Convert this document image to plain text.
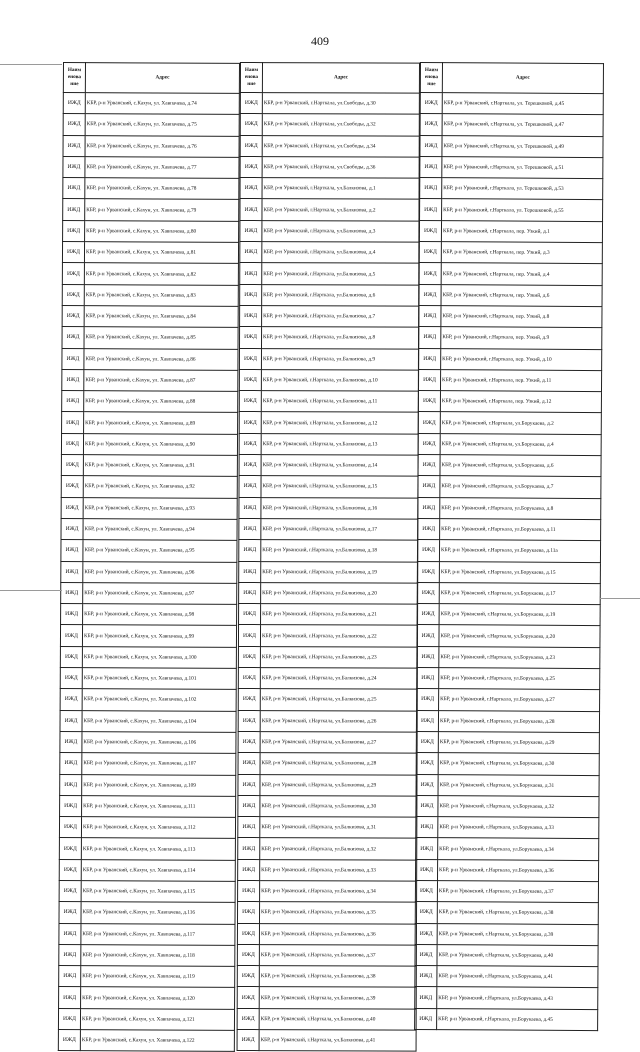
409
Наим
енова
ние	Адрес
ИЖД	КБР, р-н Урванский, с.Кахун, ул. Хавпачева, д.74
ИЖД	КБР, р-н Урванский, с.Кахун, ул. Хавпачева, д.75
ИЖД	КБР, р-н Урванский, с.Кахун, ул. Хавпачева, д.76
ИЖД	КБР, р-н Урванский, с.Кахун, ул. Хавпачева, д.77
ИЖД	КБР, р-н Урванский, с.Кахун, ул. Хавпачева, д.78
ИЖД	КБР, р-н Урванский, с.Кахун, ул. Хавпачева, д.79
ИЖД	КБР, р-н Урванский, с.Кахун, ул. Хавпачева, д.80
ИЖД	КБР, р-н Урванский, с.Кахун, ул. Хавпачева, д.81
ИЖД	КБР, р-н Урванский, с.Кахун, ул. Хавпачева, д.82
ИЖД	КБР, р-н Урванский, с.Кахун, ул. Хавпачева, д.83
ИЖД	КБР, р-н Урванский, с.Кахун, ул. Хавпачева, д.84
ИЖД	КБР, р-н Урванский, с.Кахун, ул. Хавпачева, д.85
ИЖД	КБР, р-н Урванский, с.Кахун, ул. Хавпачева, д.86
ИЖД	КБР, р-н Урванский, с.Кахун, ул. Хавпачева, д.87
ИЖД	КБР, р-н Урванский, с.Кахун, ул. Хавпачева, д.88
ИЖД	КБР, р-н Урванский, с.Кахун, ул. Хавпачева, д.89
ИЖД	КБР, р-н Урванский, с.Кахун, ул. Хавпачева, д.90
ИЖД	КБР, р-н Урванский, с.Кахун, ул. Хавпачева, д.91
ИЖД	КБР, р-н Урванский, с.Кахун, ул. Хавпачева, д.92
ИЖД	КБР, р-н Урванский, с.Кахун, ул. Хавпачева, д.93
ИЖД	КБР, р-н Урванский, с.Кахун, ул. Хавпачева, д.94
ИЖД	КБР, р-н Урванский, с.Кахун, ул. Хавпачева, д.95
ИЖД	КБР, р-н Урванский, с.Кахун, ул. Хавпачева, д.96
ИЖД	КБР, р-н Урванский, с.Кахун, ул. Хавпачева, д.97
ИЖД	КБР, р-н Урванский, с.Кахун, ул. Хавпачева, д.98
ИЖД	КБР, р-н Урванский, с.Кахун, ул. Хавпачева, д.99
ИЖД	КБР, р-н Урванский, с.Кахун, ул. Хавпачева, д.100
ИЖД	КБР, р-н Урванский, с.Кахун, ул. Хавпачева, д.101
ИЖД	КБР, р-н Урванский, с.Кахун, ул. Хавпачева, д.102
ИЖД	КБР, р-н Урванский, с.Кахун, ул. Хавпачева, д.104
ИЖД	КБР, р-н Урванский, с.Кахун, ул. Хавпачева, д.106
ИЖД	КБР, р-н Урванский, с.Кахун, ул. Хавпачева, д.107
ИЖД	КБР, р-н Урванский, с.Кахун, ул. Хавпачева, д.109
ИЖД	КБР, р-н Урванский, с.Кахун, ул. Хавпачева, д.111
ИЖД	КБР, р-н Урванский, с.Кахун, ул. Хавпачева, д.112
ИЖД	КБР, р-н Урванский, с.Кахун, ул. Хавпачева, д.113
ИЖД	КБР, р-н Урванский, с.Кахун, ул. Хавпачева, д.114
ИЖД	КБР, р-н Урванский, с.Кахун, ул. Хавпачева, д.115
ИЖД	КБР, р-н Урванский, с.Кахун, ул. Хавпачева, д.116
ИЖД	КБР, р-н Урванский, с.Кахун, ул. Хавпачева, д.117
ИЖД	КБР, р-н Урванский, с.Кахун, ул. Хавпачева, д.118
ИЖД	КБР, р-н Урванский, с.Кахун, ул. Хавпачева, д.119
ИЖД	КБР, р-н Урванский, с.Кахун, ул. Хавпачева, д.120
ИЖД	КБР, р-н Урванский, с.Кахун, ул. Хавпачева, д.121
ИЖД	КБР, р-н Урванский, с.Кахун, ул. Хавпачева, д.122
Наим
енова
ние	Адрес
ИЖД	КБР, р-н Урванский, г.Нарткала, ул.Свободы, д.30
ИЖД	КБР, р-н Урванский, г.Нарткала, ул.Свободы, д.32
ИЖД	КБР, р-н Урванский, г.Нарткала, ул.Свободы, д.34
ИЖД	КБР, р-н Урванский, г.Нарткала, ул.Свободы, д.36
ИЖД	КБР, р-н Урванский, г.Нарткала, ул.Балкизова, д.1
ИЖД	КБР, р-н Урванский, г.Нарткала, ул.Балкизова, д.2
ИЖД	КБР, р-н Урванский, г.Нарткала, ул.Балкизова, д.3
ИЖД	КБР, р-н Урванский, г.Нарткала, ул.Балкизова, д.4
ИЖД	КБР, р-н Урванский, г.Нарткала, ул.Балкизова, д.5
ИЖД	КБР, р-н Урванский, г.Нарткала, ул.Балкизова, д.6
ИЖД	КБР, р-н Урванский, г.Нарткала, ул.Балкизова, д.7
ИЖД	КБР, р-н Урванский, г.Нарткала, ул.Балкизова, д.8
ИЖД	КБР, р-н Урванский, г.Нарткала, ул.Балкизова, д.9
ИЖД	КБР, р-н Урванский, г.Нарткала, ул.Балкизова, д.10
ИЖД	КБР, р-н Урванский, г.Нарткала, ул.Балкизова, д.11
ИЖД	КБР, р-н Урванский, г.Нарткала, ул.Балкизова, д.12
ИЖД	КБР, р-н Урванский, г.Нарткала, ул.Балкизова, д.13
ИЖД	КБР, р-н Урванский, г.Нарткала, ул.Балкизова, д.14
ИЖД	КБР, р-н Урванский, г.Нарткала, ул.Балкизова, д.15
ИЖД	КБР, р-н Урванский, г.Нарткала, ул.Балкизова, д.16
ИЖД	КБР, р-н Урванский, г.Нарткала, ул.Балкизова, д.17
ИЖД	КБР, р-н Урванский, г.Нарткала, ул.Балкизова, д.18
ИЖД	КБР, р-н Урванский, г.Нарткала, ул.Балкизова, д.19
ИЖД	КБР, р-н Урванский, г.Нарткала, ул.Балкизова, д.20
ИЖД	КБР, р-н Урванский, г.Нарткала, ул.Балкизова, д.21
ИЖД	КБР, р-н Урванский, г.Нарткала, ул.Балкизова, д.22
ИЖД	КБР, р-н Урванский, г.Нарткала, ул.Балкизова, д.23
ИЖД	КБР, р-н Урванский, г.Нарткала, ул.Балкизова, д.24
ИЖД	КБР, р-н Урванский, г.Нарткала, ул.Балкизова, д.25
ИЖД	КБР, р-н Урванский, г.Нарткала, ул.Балкизова, д.26
ИЖД	КБР, р-н Урванский, г.Нарткала, ул.Балкизова, д.27
ИЖД	КБР, р-н Урванский, г.Нарткала, ул.Балкизова, д.28
ИЖД	КБР, р-н Урванский, г.Нарткала, ул.Балкизова, д.29
ИЖД	КБР, р-н Урванский, г.Нарткала, ул.Балкизова, д.30
ИЖД	КБР, р-н Урванский, г.Нарткала, ул.Балкизова, д.31
ИЖД	КБР, р-н Урванский, г.Нарткала, ул.Балкизова, д.32
ИЖД	КБР, р-н Урванский, г.Нарткала, ул.Балкизова, д.33
ИЖД	КБР, р-н Урванский, г.Нарткала, ул.Балкизова, д.34
ИЖД	КБР, р-н Урванский, г.Нарткала, ул.Балкизова, д.35
ИЖД	КБР, р-н Урванский, г.Нарткала, ул.Балкизова, д.36
ИЖД	КБР, р-н Урванский, г.Нарткала, ул.Балкизова, д.37
ИЖД	КБР, р-н Урванский, г.Нарткала, ул.Балкизова, д.38
ИЖД	КБР, р-н Урванский, г.Нарткала, ул.Балкизова, д.39
ИЖД	КБР, р-н Урванский, г.Нарткала, ул.Балкизова, д.40
ИЖД	КБР, р-н Урванский, г.Нарткала, ул.Балкизова, д.41
Наим
енова
ние	Адрес
ИЖД	КБР, р-н Урванский, г.Нарткала, ул. Терешковой, д.45
ИЖД	КБР, р-н Урванский, г.Нарткала, ул. Терешковой, д.47
ИЖД	КБР, р-н Урванский, г.Нарткала, ул. Терешковой, д.49
ИЖД	КБР, р-н Урванский, г.Нарткала, ул. Терешковой, д.51
ИЖД	КБР, р-н Урванский, г.Нарткала, ул. Терешковой, д.53
ИЖД	КБР, р-н Урванский, г.Нарткала, ул. Терешковой, д.55
ИЖД	КБР, р-н Урванский, г.Нарткала, пер. Узкий, д.1
ИЖД	КБР, р-н Урванский, г.Нарткала, пер. Узкий, д.3
ИЖД	КБР, р-н Урванский, г.Нарткала, пер. Узкий, д.4
ИЖД	КБР, р-н Урванский, г.Нарткала, пер. Узкий, д.6
ИЖД	КБР, р-н Урванский, г.Нарткала, пер. Узкий, д.8
ИЖД	КБР, р-н Урванский, г.Нарткала, пер. Узкий, д.9
ИЖД	КБР, р-н Урванский, г.Нарткала, пер. Узкий, д.10
ИЖД	КБР, р-н Урванский, г.Нарткала, пер. Узкий, д.11
ИЖД	КБР, р-н Урванский, г.Нарткала, пер. Узкий, д.12
ИЖД	КБР, р-н Урванский, г.Нарткала, ул.Борукаева, д.2
ИЖД	КБР, р-н Урванский, г.Нарткала, ул.Борукаева, д.4
ИЖД	КБР, р-н Урванский, г.Нарткала, ул.Борукаева, д.6
ИЖД	КБР, р-н Урванский, г.Нарткала, ул.Борукаева, д.7
ИЖД	КБР, р-н Урванский, г.Нарткала, ул.Борукаева, д.8
ИЖД	КБР, р-н Урванский, г.Нарткала, ул.Борукаева, д.11
ИЖД	КБР, р-н Урванский, г.Нарткала, ул.Борукаева, д.11а
ИЖД	КБР, р-н Урванский, г.Нарткала, ул.Борукаева, д.15
ИЖД	КБР, р-н Урванский, г.Нарткала, ул.Борукаева, д.17
ИЖД	КБР, р-н Урванский, г.Нарткала, ул.Борукаева, д.19
ИЖД	КБР, р-н Урванский, г.Нарткала, ул.Борукаева, д.20
ИЖД	КБР, р-н Урванский, г.Нарткала, ул.Борукаева, д.23
ИЖД	КБР, р-н Урванский, г.Нарткала, ул.Борукаева, д.25
ИЖД	КБР, р-н Урванский, г.Нарткала, ул.Борукаева, д.27
ИЖД	КБР, р-н Урванский, г.Нарткала, ул.Борукаева, д.28
ИЖД	КБР, р-н Урванский, г.Нарткала, ул.Борукаева, д.29
ИЖД	КБР, р-н Урванский, г.Нарткала, ул.Борукаева, д.30
ИЖД	КБР, р-н Урванский, г.Нарткала, ул.Борукаева, д.31
ИЖД	КБР, р-н Урванский, г.Нарткала, ул.Борукаева, д.32
ИЖД	КБР, р-н Урванский, г.Нарткала, ул.Борукаева, д.33
ИЖД	КБР, р-н Урванский, г.Нарткала, ул.Борукаева, д.34
ИЖД	КБР, р-н Урванский, г.Нарткала, ул.Борукаева, д.36
ИЖД	КБР, р-н Урванский, г.Нарткала, ул.Борукаева, д.37
ИЖД	КБР, р-н Урванский, г.Нарткала, ул.Борукаева, д.38
ИЖД	КБР, р-н Урванский, г.Нарткала, ул.Борукаева, д.39
ИЖД	КБР, р-н Урванский, г.Нарткала, ул.Борукаева, д.40
ИЖД	КБР, р-н Урванский, г.Нарткала, ул.Борукаева, д.41
ИЖД	КБР, р-н Урванский, г.Нарткала, ул.Борукаева, д.43
ИЖД	КБР, р-н Урванский, г.Нарткала, ул.Борукаева, д.45
